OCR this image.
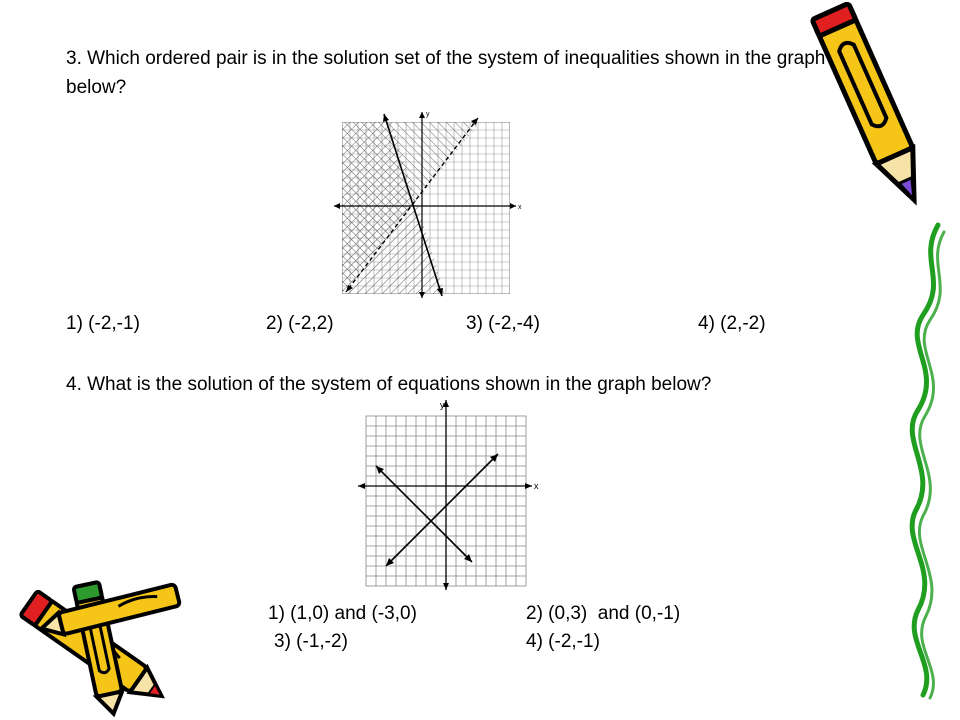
3. Which ordered pair is in the solution set of the system of inequalities shown in the graph below?

y
x
1) (-2,-1)	2) (-2,2)	3) (-2,-4)	4) (2,-2)

4. What is the solution of the system of equations shown in the graph below?

y
x
1) (1,0) and (-3,0)	2) (0,3)  and (0,-1)
3) (-1,-2)	4) (-2,-1)
